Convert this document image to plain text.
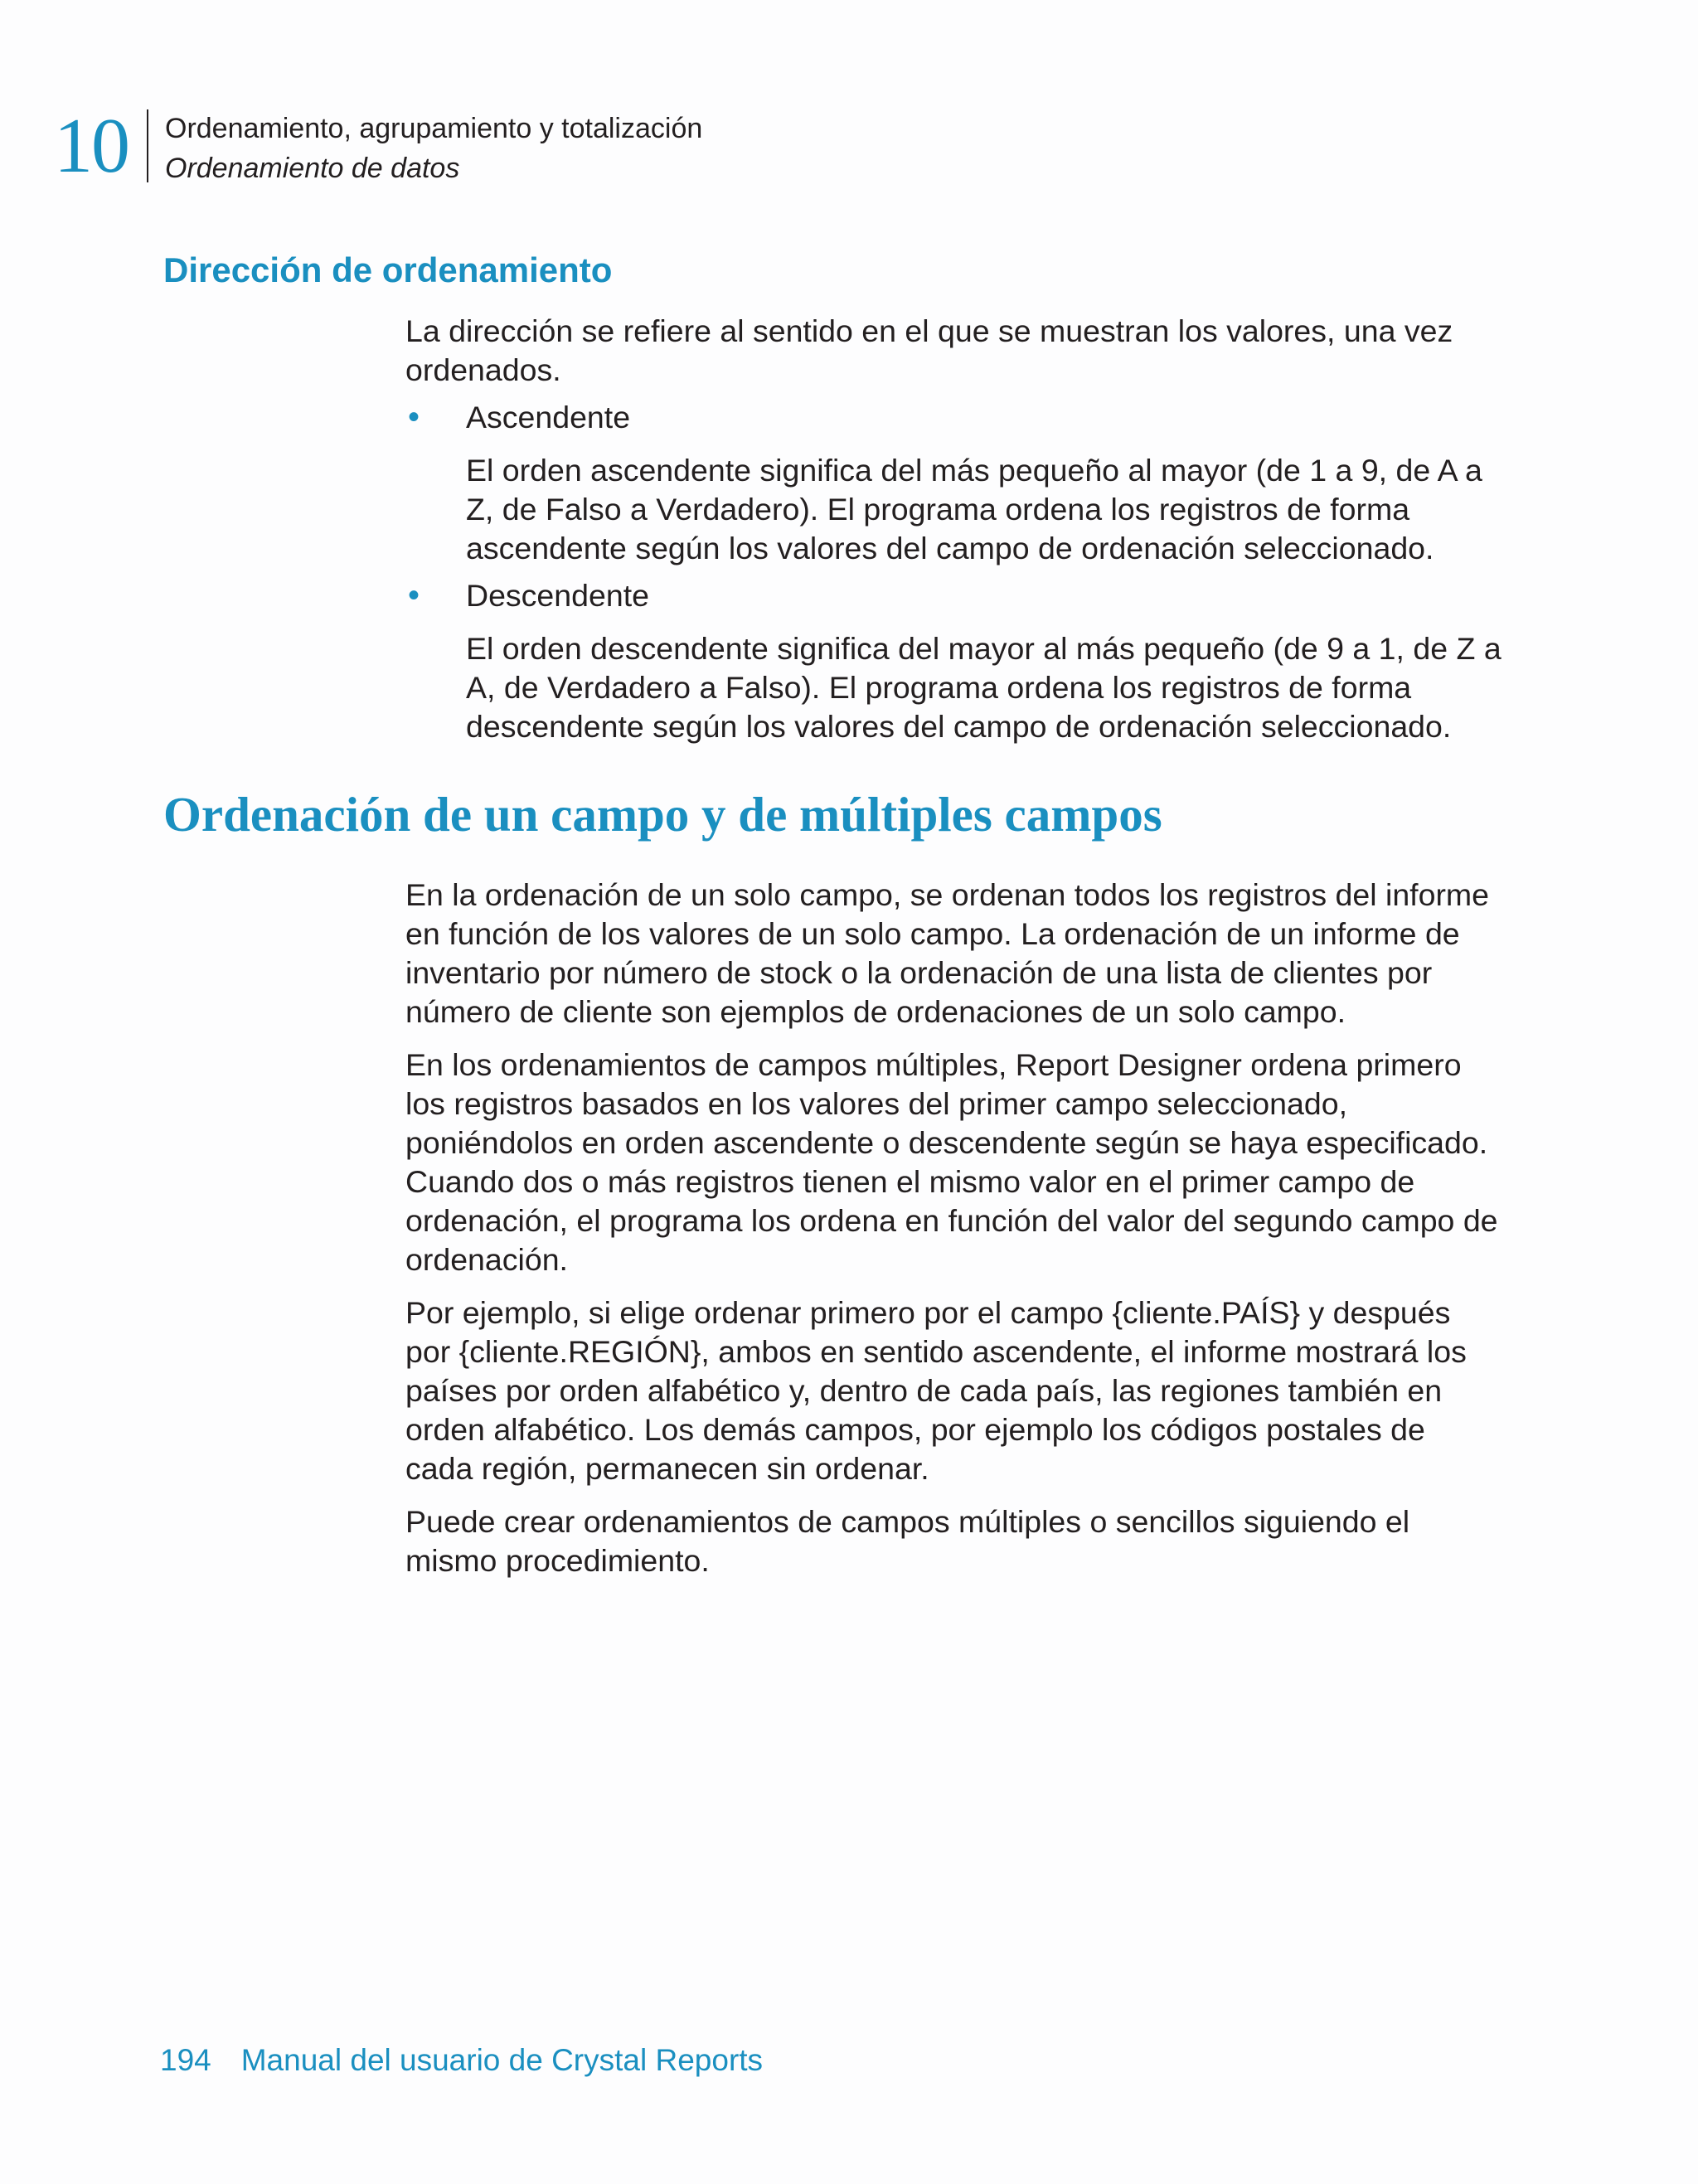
10 Ordenamiento, agrupamiento y totalización
Ordenamiento de datos
Dirección de ordenamiento

La dirección se refiere al sentido en el que se muestran los valores, una vez ordenados.

• Ascendente

El orden ascendente significa del más pequeño al mayor (de 1 a 9, de A a Z, de Falso a Verdadero). El programa ordena los registros de forma ascendente según los valores del campo de ordenación seleccionado.

• Descendente

El orden descendente significa del mayor al más pequeño (de 9 a 1, de Z a A, de Verdadero a Falso). El programa ordena los registros de forma descendente según los valores del campo de ordenación seleccionado.

Ordenación de un campo y de múltiples campos

En la ordenación de un solo campo, se ordenan todos los registros del informe en función de los valores de un solo campo. La ordenación de un informe de inventario por número de stock o la ordenación de una lista de clientes por número de cliente son ejemplos de ordenaciones de un solo campo.

En los ordenamientos de campos múltiples, Report Designer ordena primero los registros basados en los valores del primer campo seleccionado, poniéndolos en orden ascendente o descendente según se haya especificado. Cuando dos o más registros tienen el mismo valor en el primer campo de ordenación, el programa los ordena en función del valor del segundo campo de ordenación.

Por ejemplo, si elige ordenar primero por el campo {cliente.PAÍS} y después por {cliente.REGIÓN}, ambos en sentido ascendente, el informe mostrará los países por orden alfabético y, dentro de cada país, las regiones también en orden alfabético. Los demás campos, por ejemplo los códigos postales de cada región, permanecen sin ordenar.

Puede crear ordenamientos de campos múltiples o sencillos siguiendo el mismo procedimiento.

194 Manual del usuario de Crystal Reports
